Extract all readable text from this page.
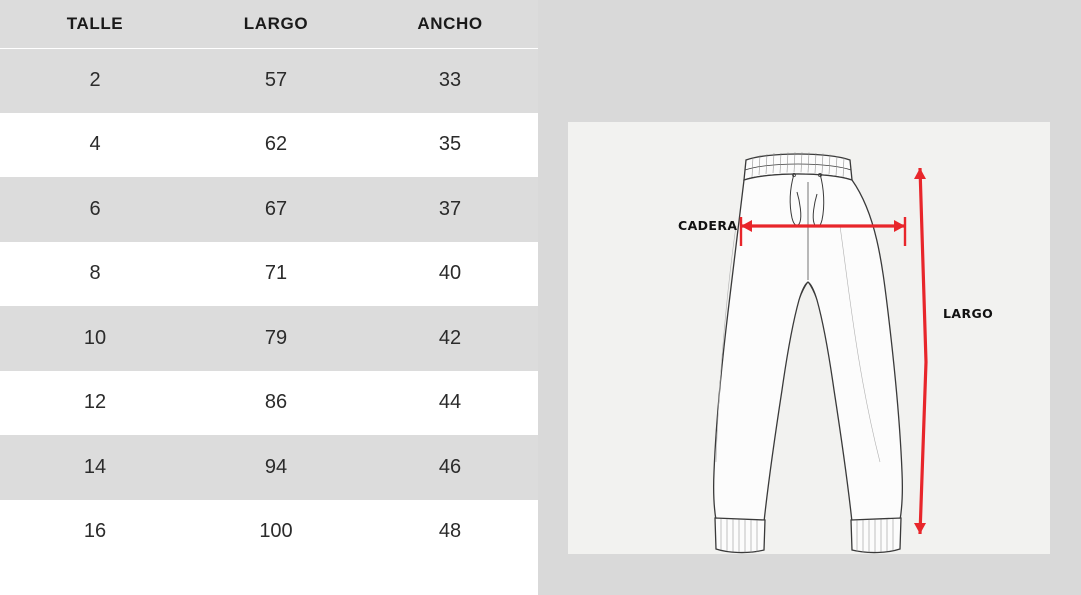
TALLE	LARGO	ANCHO
2	57	33
4	62	35
6	67	37
8	71	40
10	79	42
12	86	44
14	94	46
16	100	48
CADERA
LARGO
